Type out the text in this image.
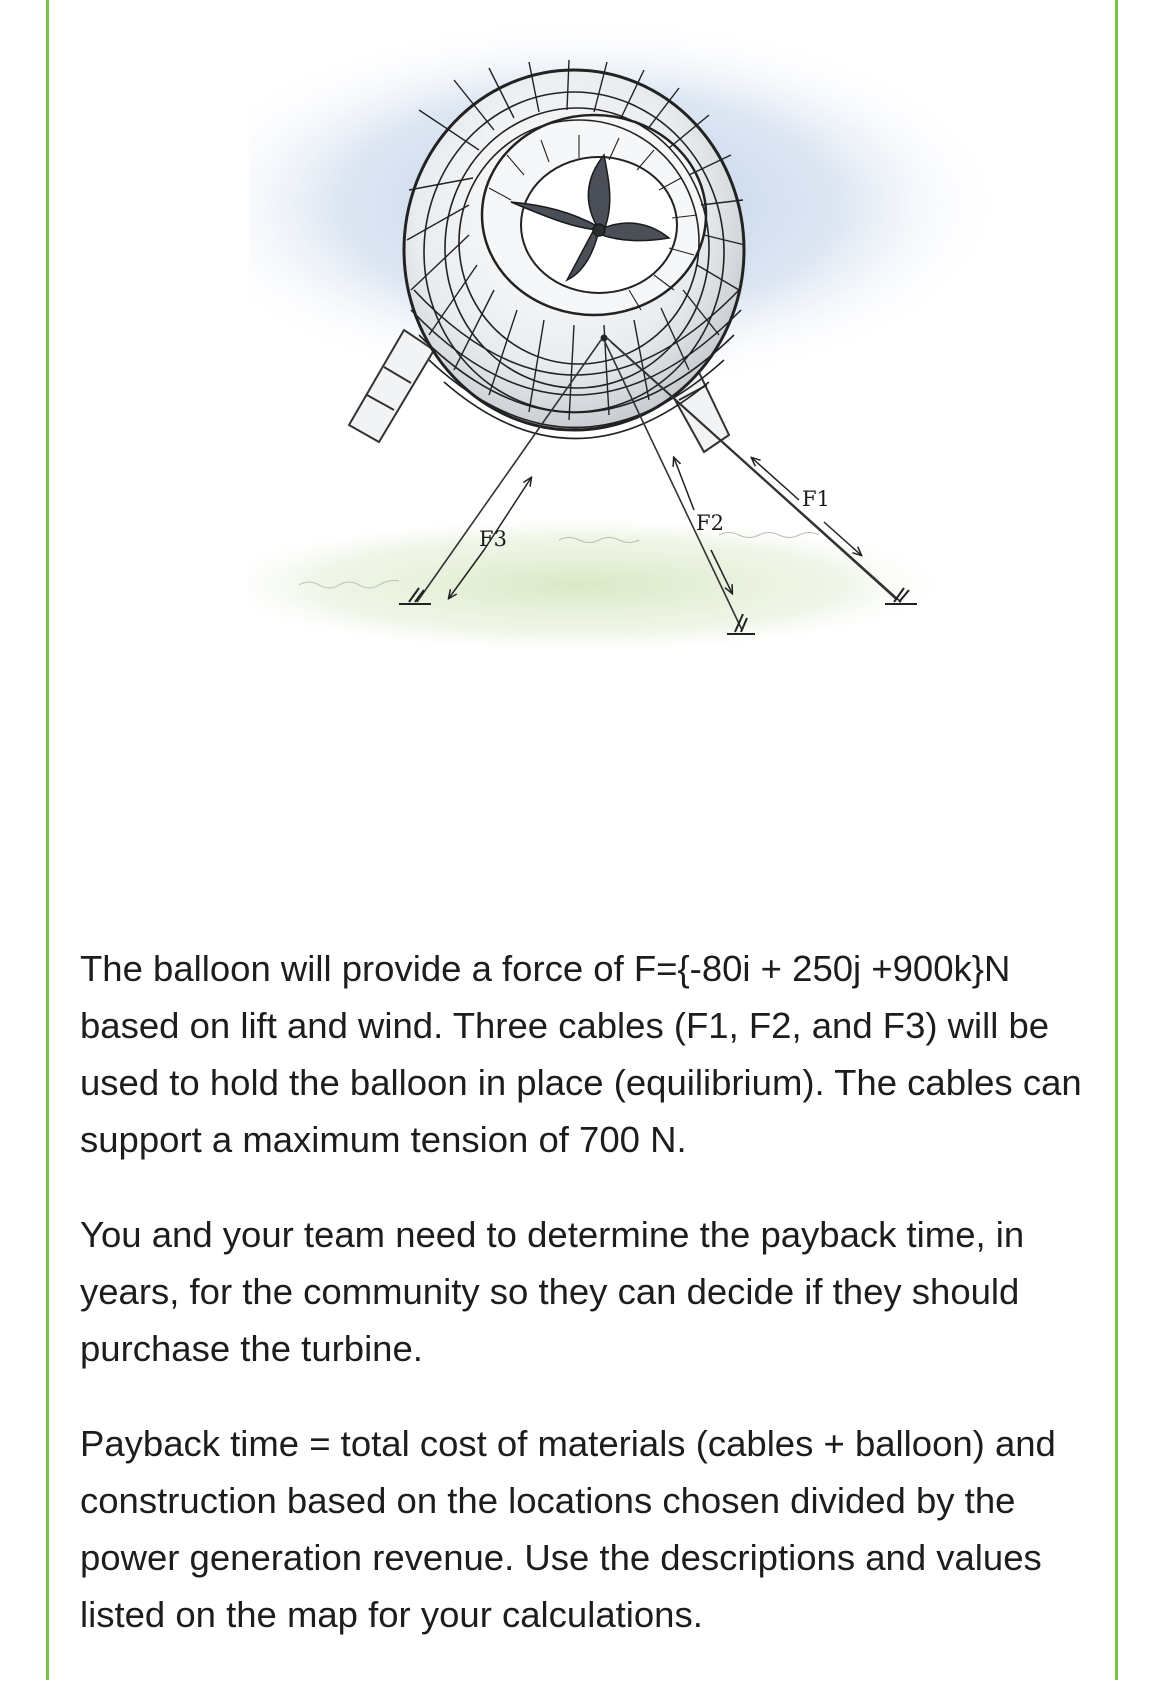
F3
F2
F1

The balloon will provide a force of F={-80i + 250j +900k}N based on lift and wind. Three cables (F1, F2, and F3) will be used to hold the balloon in place (equilibrium). The cables can support a maximum tension of 700 N.

You and your team need to determine the payback time, in years, for the community so they can decide if they should purchase the turbine.

Payback time = total cost of materials (cables + balloon) and construction based on the locations chosen divided by the power generation revenue. Use the descriptions and values listed on the map for your calculations.
